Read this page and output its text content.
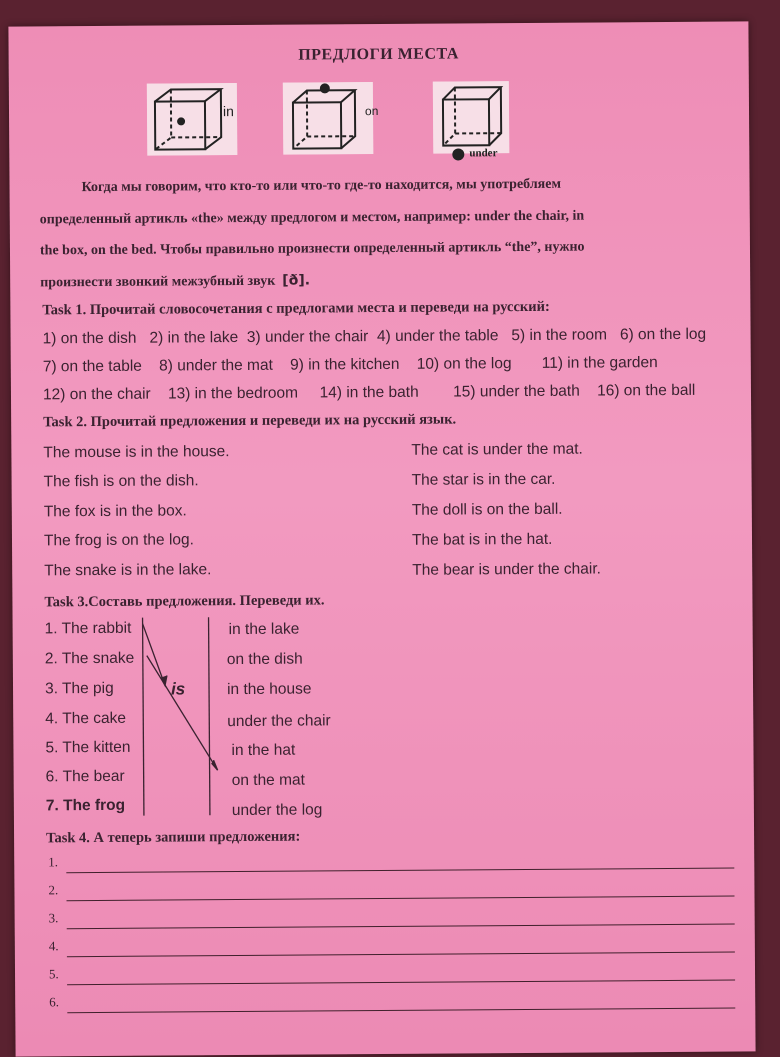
ПРЕДЛОГИ МЕСТА
in	on
under
Когда мы говорим, что кто-то или что-то где-то находится, мы употребляем
определенный артикль «the» между предлогом и местом, например: under the chair, in
the box, on the bed. Чтобы правильно произнести определенный артикль “the”, нужно
произнести звонкий межзубный звук [ð].
Task 1. Прочитай словосочетания с предлогами места и переведи на русский:
1) on the dish 2) in the lake 3) under the chair 4) under the table 5) in the room 6) on the log
7) on the table 8) under the mat 9) in the kitchen 10) on the log 11) in the garden
12) on the chair 13) in the bedroom 14) in the bath 15) under the bath 16) on the ball
Task 2. Прочитай предложения и переведи их на русский язык.
The mouse is in the house.
The fish is on the dish.
The fox is in the box.
The frog is on the log.
The snake is in the lake.
The cat is under the mat.
The star is in the car.
The doll is on the ball.
The bat is in the hat.
The bear is under the chair.
Task 3.Составь предложения. Переведи их.
1. The rabbit
2. The snake
3. The pig
4. The cake
5. The kitten
6. The bear
7. The frog
is
in the lake
on the dish
in the house
under the chair
in the hat
on the mat
under the log
Task 4. А теперь запиши предложения:
1.
2.
3.
4.
5.
6.
